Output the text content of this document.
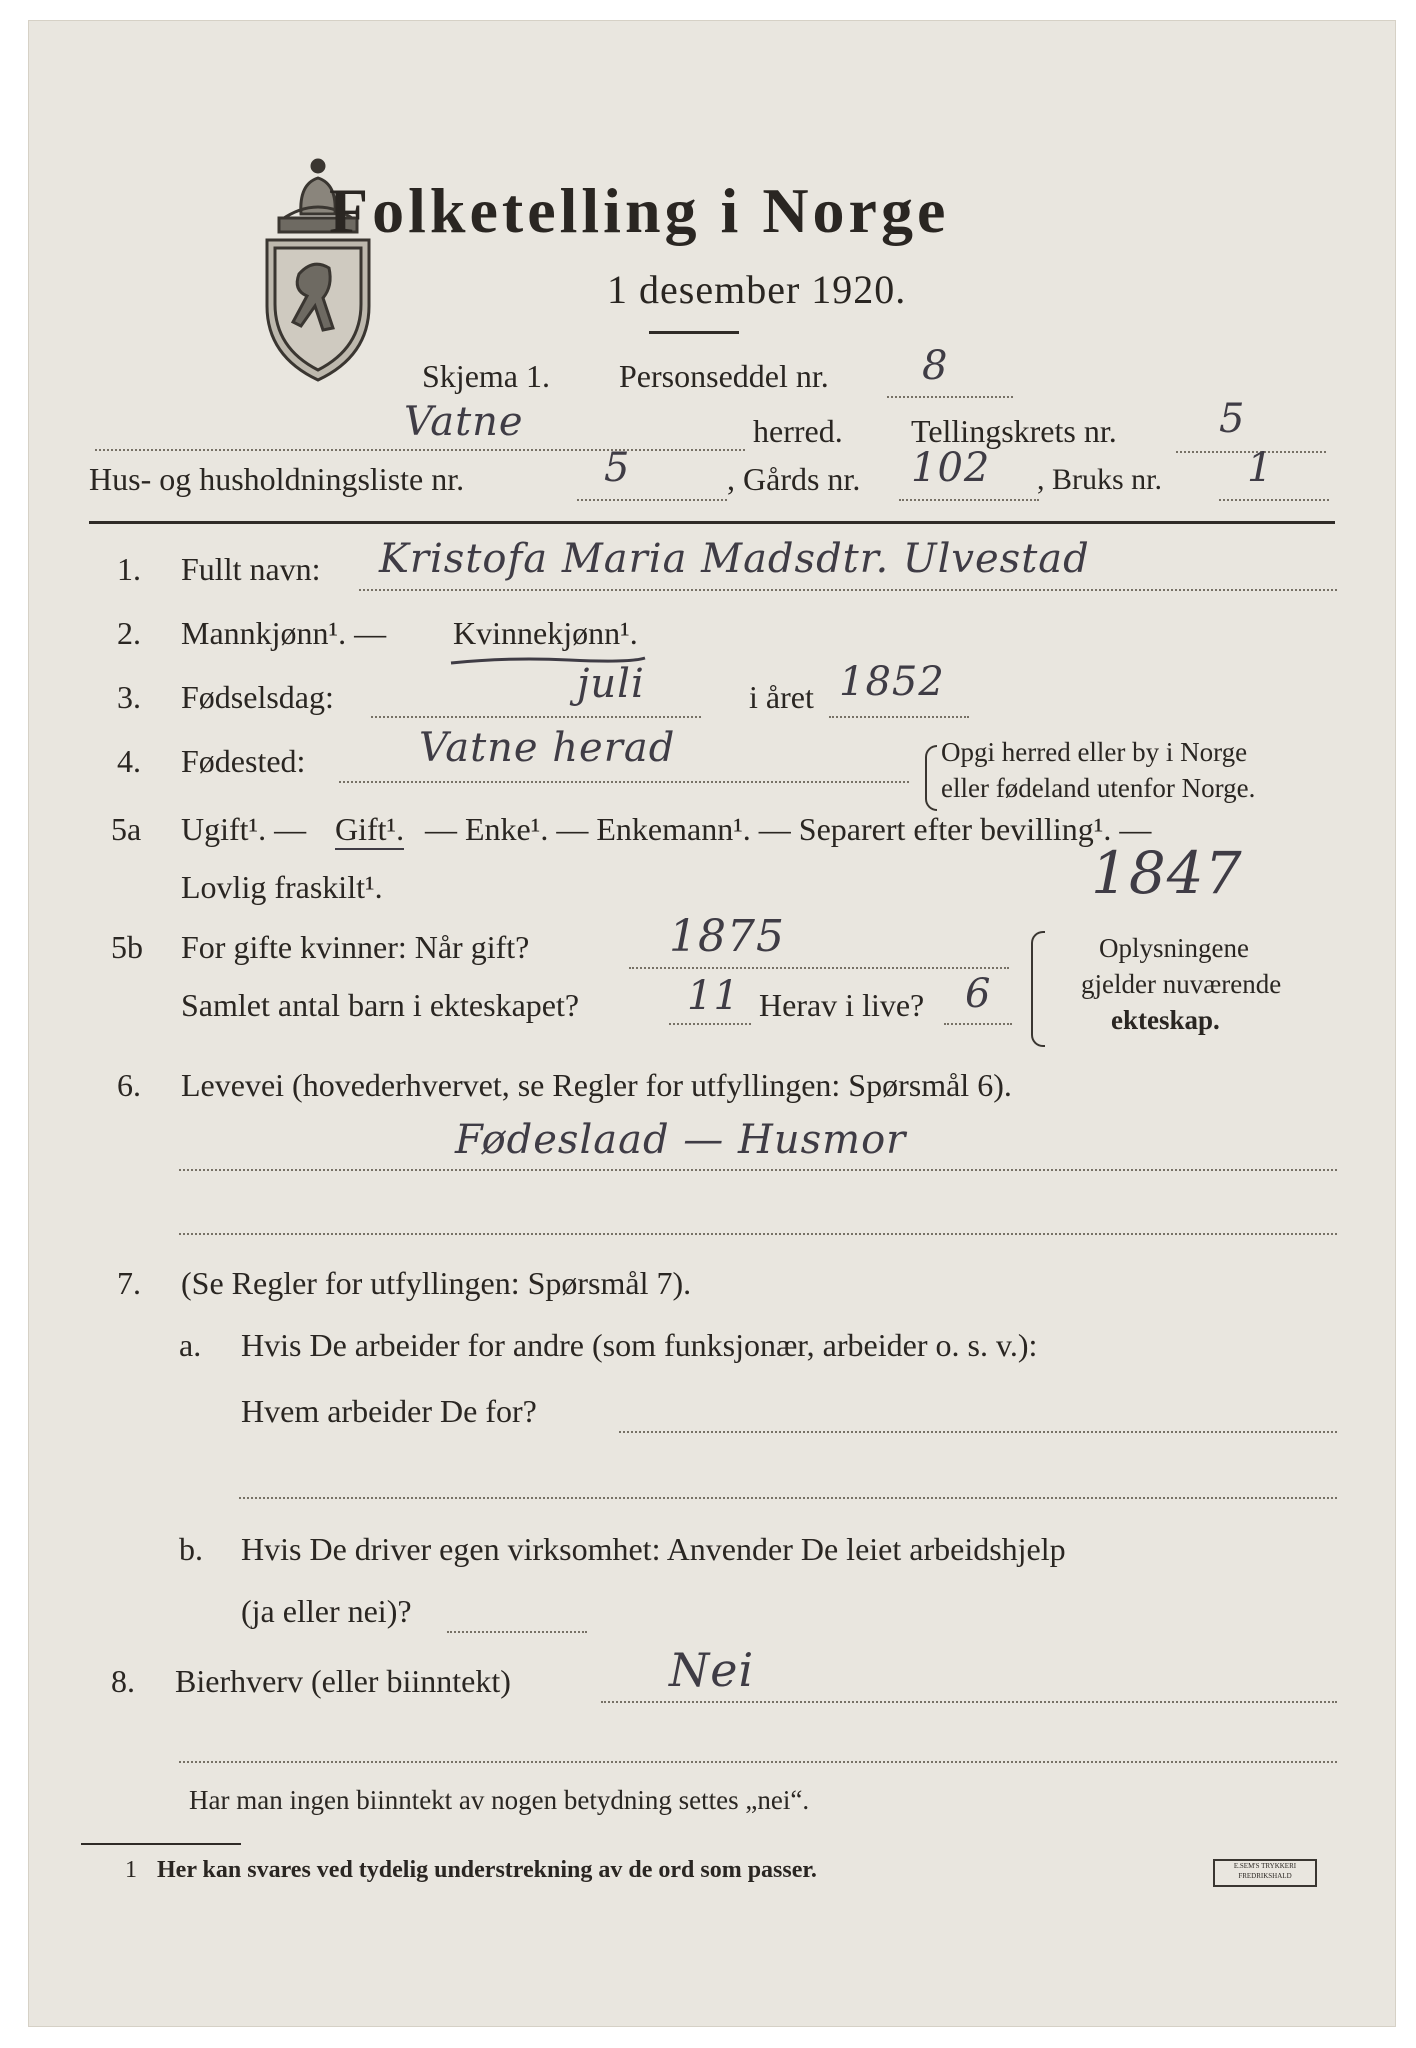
Folketelling i Norge
1 desember 1920.
Skjema 1. Personseddel nr. 8
Vatne	herred. Tellingskrets nr.	5
Hus- og husholdningsliste nr.	5	, Gårds nr. 102 , Bruks nr. 1
1. Fullt navn: Kristofa Maria Madsdtr. Ulvestad
2. Mannkjønn¹. — Kvinnekjønn¹.
3. Fødselsdag:	juli	i året 1852
4. Fødested:	Vatne herad	Opgi herred eller by i Norge
eller fødeland utenfor Norge.
5a Ugift¹. — Gift¹. — Enke¹. — Enkemann¹. — Separert efter bevilling¹. —
Lovlig fraskilt¹.	1847
5b For gifte kvinner: Når gift?	1875
Samlet antal barn i ekteskapet?	11 Herav i live? 6
Oplysningene
gjelder nuværende
ekteskap.
6. Levevei (hovederhvervet, se Regler for utfyllingen: Spørsmål 6).
Fødeslaad — Husmor
7. (Se Regler for utfyllingen: Spørsmål 7).
a. Hvis De arbeider for andre (som funksjonær, arbeider o. s. v.):
Hvem arbeider De for?
b. Hvis De driver egen virksomhet: Anvender De leiet arbeidshjelp
(ja eller nei)?
8. Bierhverv (eller biinntekt)	Nei
Har man ingen biinntekt av nogen betydning settes „nei“.
1 Her kan svares ved tydelig understrekning av de ord som passer.	E.SEM'S TRYKKERI
FREDRIKSHALD
